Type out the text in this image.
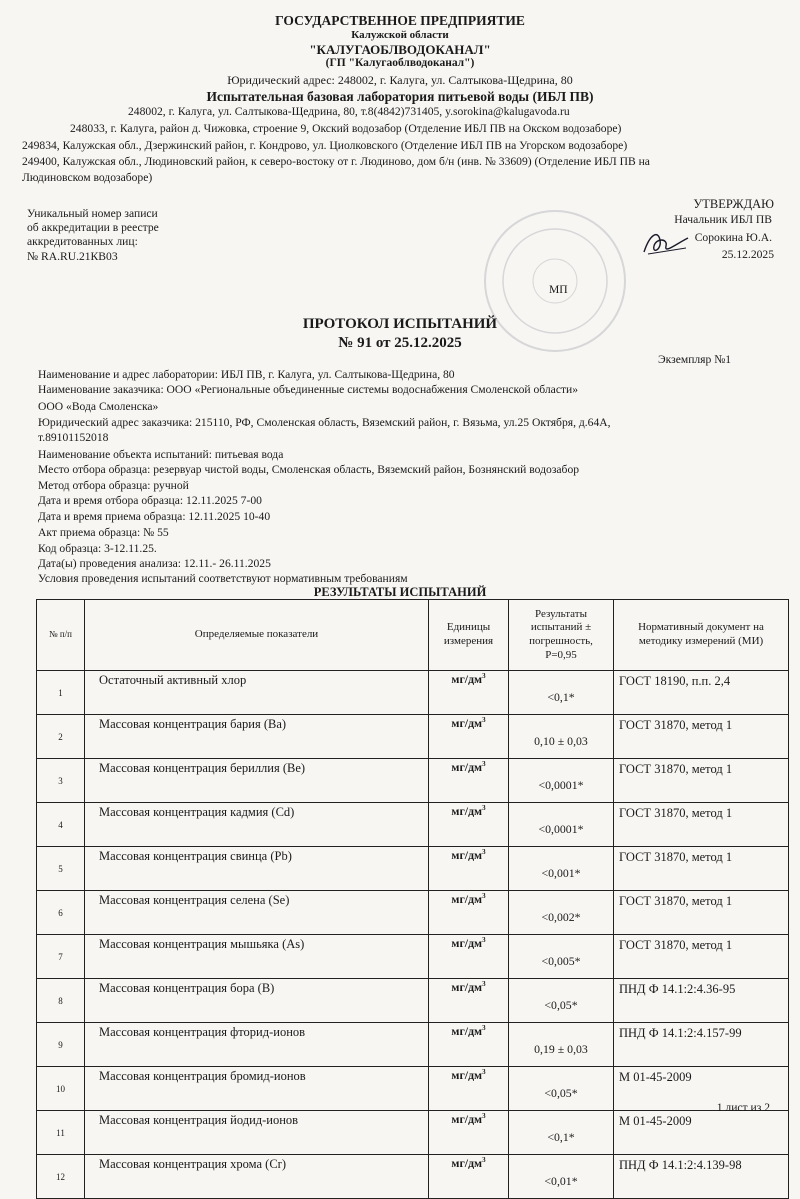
ГОСУДАРСТВЕННОЕ ПРЕДПРИЯТИЕ
Калужской области
"КАЛУГАОБЛВОДОКАНАЛ"
(ГП "Калугаоблводоканал")
Юридический адрес: 248002, г. Калуга, ул. Салтыкова-Щедрина, 80
Испытательная базовая лаборатория питьевой воды (ИБЛ ПВ)
248002, г. Калуга, ул. Салтыкова-Щедрина, 80, т.8(4842)731405, y.sorokina@kalugavoda.ru
248033, г. Калуга, район д. Чижовка, строение 9, Окский водозабор (Отделение ИБЛ ПВ на Окском водозаборе)
249834, Калужская обл., Дзержинский район, г. Кондрово, ул. Циолковского (Отделение ИБЛ ПВ на Угорском водозаборе)
249400, Калужская обл., Людиновский район, к северо-востоку от г. Людиново, дом б/н (инв. № 33609) (Отделение ИБЛ ПВ на
Людиновском водозаборе)
Уникальный номер записи
об аккредитации в реестре
аккредитованных лиц:
№ RA.RU.21КВ03
УТВЕРЖДАЮ
Начальник ИБЛ ПВ
Сорокина Ю.А.
25.12.2025
МП
ПРОТОКОЛ ИСПЫТАНИЙ
№ 91 от 25.12.2025
Экземпляр №1
Наименование и адрес лаборатории: ИБЛ ПВ, г. Калуга, ул. Салтыкова-Щедрина, 80
Наименование заказчика: ООО «Региональные объединенные системы водоснабжения Смоленской области»
ООО «Вода Смоленска»
Юридический адрес заказчика: 215110, РФ, Смоленская область, Вяземский район, г. Вязьма, ул.25 Октября, д.64А,
т.89101152018
Наименование объекта испытаний: питьевая вода
Место отбора образца: резервуар чистой воды, Смоленская область, Вяземский район, Бознянский водозабор
Метод отбора образца: ручной
Дата и время отбора образца: 12.11.2025 7-00
Дата и время приема образца: 12.11.2025 10-40
Акт приема образца: № 55
Код образца: 3-12.11.25.
Дата(ы) проведения анализа: 12.11.- 26.11.2025
Условия проведения испытаний соответствуют нормативным требованиям
РЕЗУЛЬТАТЫ ИСПЫТАНИЙ
№ п/п	Определяемые показатели	Единицы измерения	Результаты испытаний ± погрешность, Р=0,95	Нормативный документ на методику измерений (МИ)
1	Остаточный активный хлор	$мг/дм^3$	<0,1*	ГОСТ 18190, п.п. 2,4
2	Массовая концентрация бария (Ва)	$мг/дм^3$	0,10 ± 0,03	ГОСТ 31870, метод 1
3	Массовая концентрация бериллия (Be)	$мг/дм^3$	<0,0001*	ГОСТ 31870, метод 1
4	Массовая концентрация кадмия (Cd)	$мг/дм^3$	<0,0001*	ГОСТ 31870, метод 1
5	Массовая концентрация свинца (Pb)	$мг/дм^3$	<0,001*	ГОСТ 31870, метод 1
6	Массовая концентрация селена (Se)	$мг/дм^3$	<0,002*	ГОСТ 31870, метод 1
7	Массовая концентрация мышьяка (As)	$мг/дм^3$	<0,005*	ГОСТ 31870, метод 1
8	Массовая концентрация бора (B)	$мг/дм^3$	<0,05*	ПНД Ф 14.1:2:4.36-95
9	Массовая концентрация фторид-ионов	$мг/дм^3$	0,19 ± 0,03	ПНД Ф 14.1:2:4.157-99
10	Массовая концентрация бромид-ионов	$мг/дм^3$	<0,05*	М 01-45-2009
11	Массовая концентрация йодид-ионов	$мг/дм^3$	<0,1*	М 01-45-2009
12	Массовая концентрация хрома (Cr)	$мг/дм^3$	<0,01*	ПНД Ф 14.1:2:4.139-98
1 лист из 2
